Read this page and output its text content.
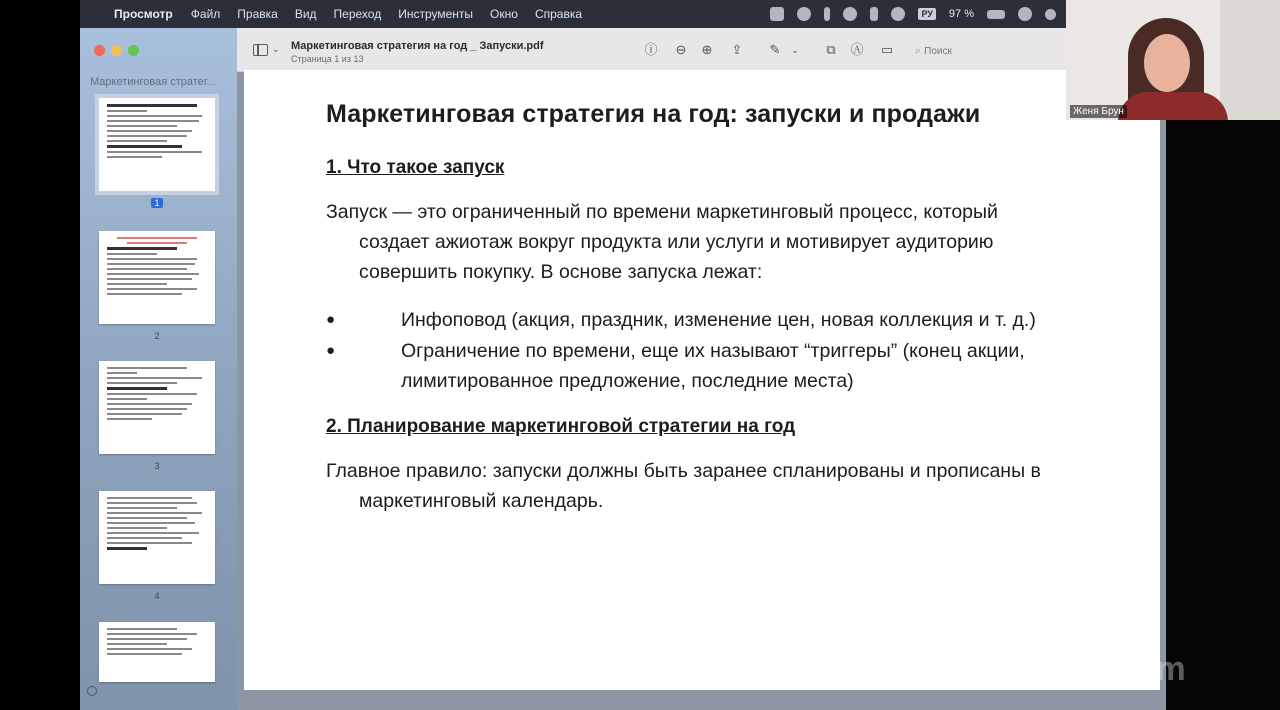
Просмотр Файл Правка Вид Переход Инструменты Окно Справка	РУ 97 %
Маркетинговая стратег...
1
2
3
4
⌄ Маркетинговая стратегия на год _ Запуски.pdf
Страница 1 из 13
ⓘ ⊖ ⊕ ⇪ ✎	⌄	⧉ Ⓐ ▭ ⌕
Поиск
Маркетинговая стратегия на год: запуски и продажи
1. Что такое запуск

Запуск — это ограниченный по времени маркетинговый процесс, который создает ажиотаж вокруг продукта или услуги и мотивирует аудиторию совершить покупку. В основе запуска лежат:

● Инфоповод (акция, праздник, изменение цен, новая коллекция и т. д.)
● Ограничение по времени, еще их называют “триггеры” (конец акции, лимитированное предложение, последние места)
2. Планирование маркетинговой стратегии на год

Главное правило: запуски должны быть заранее спланированы и прописаны в маркетинговый календарь.

Женя Брун
zoom
